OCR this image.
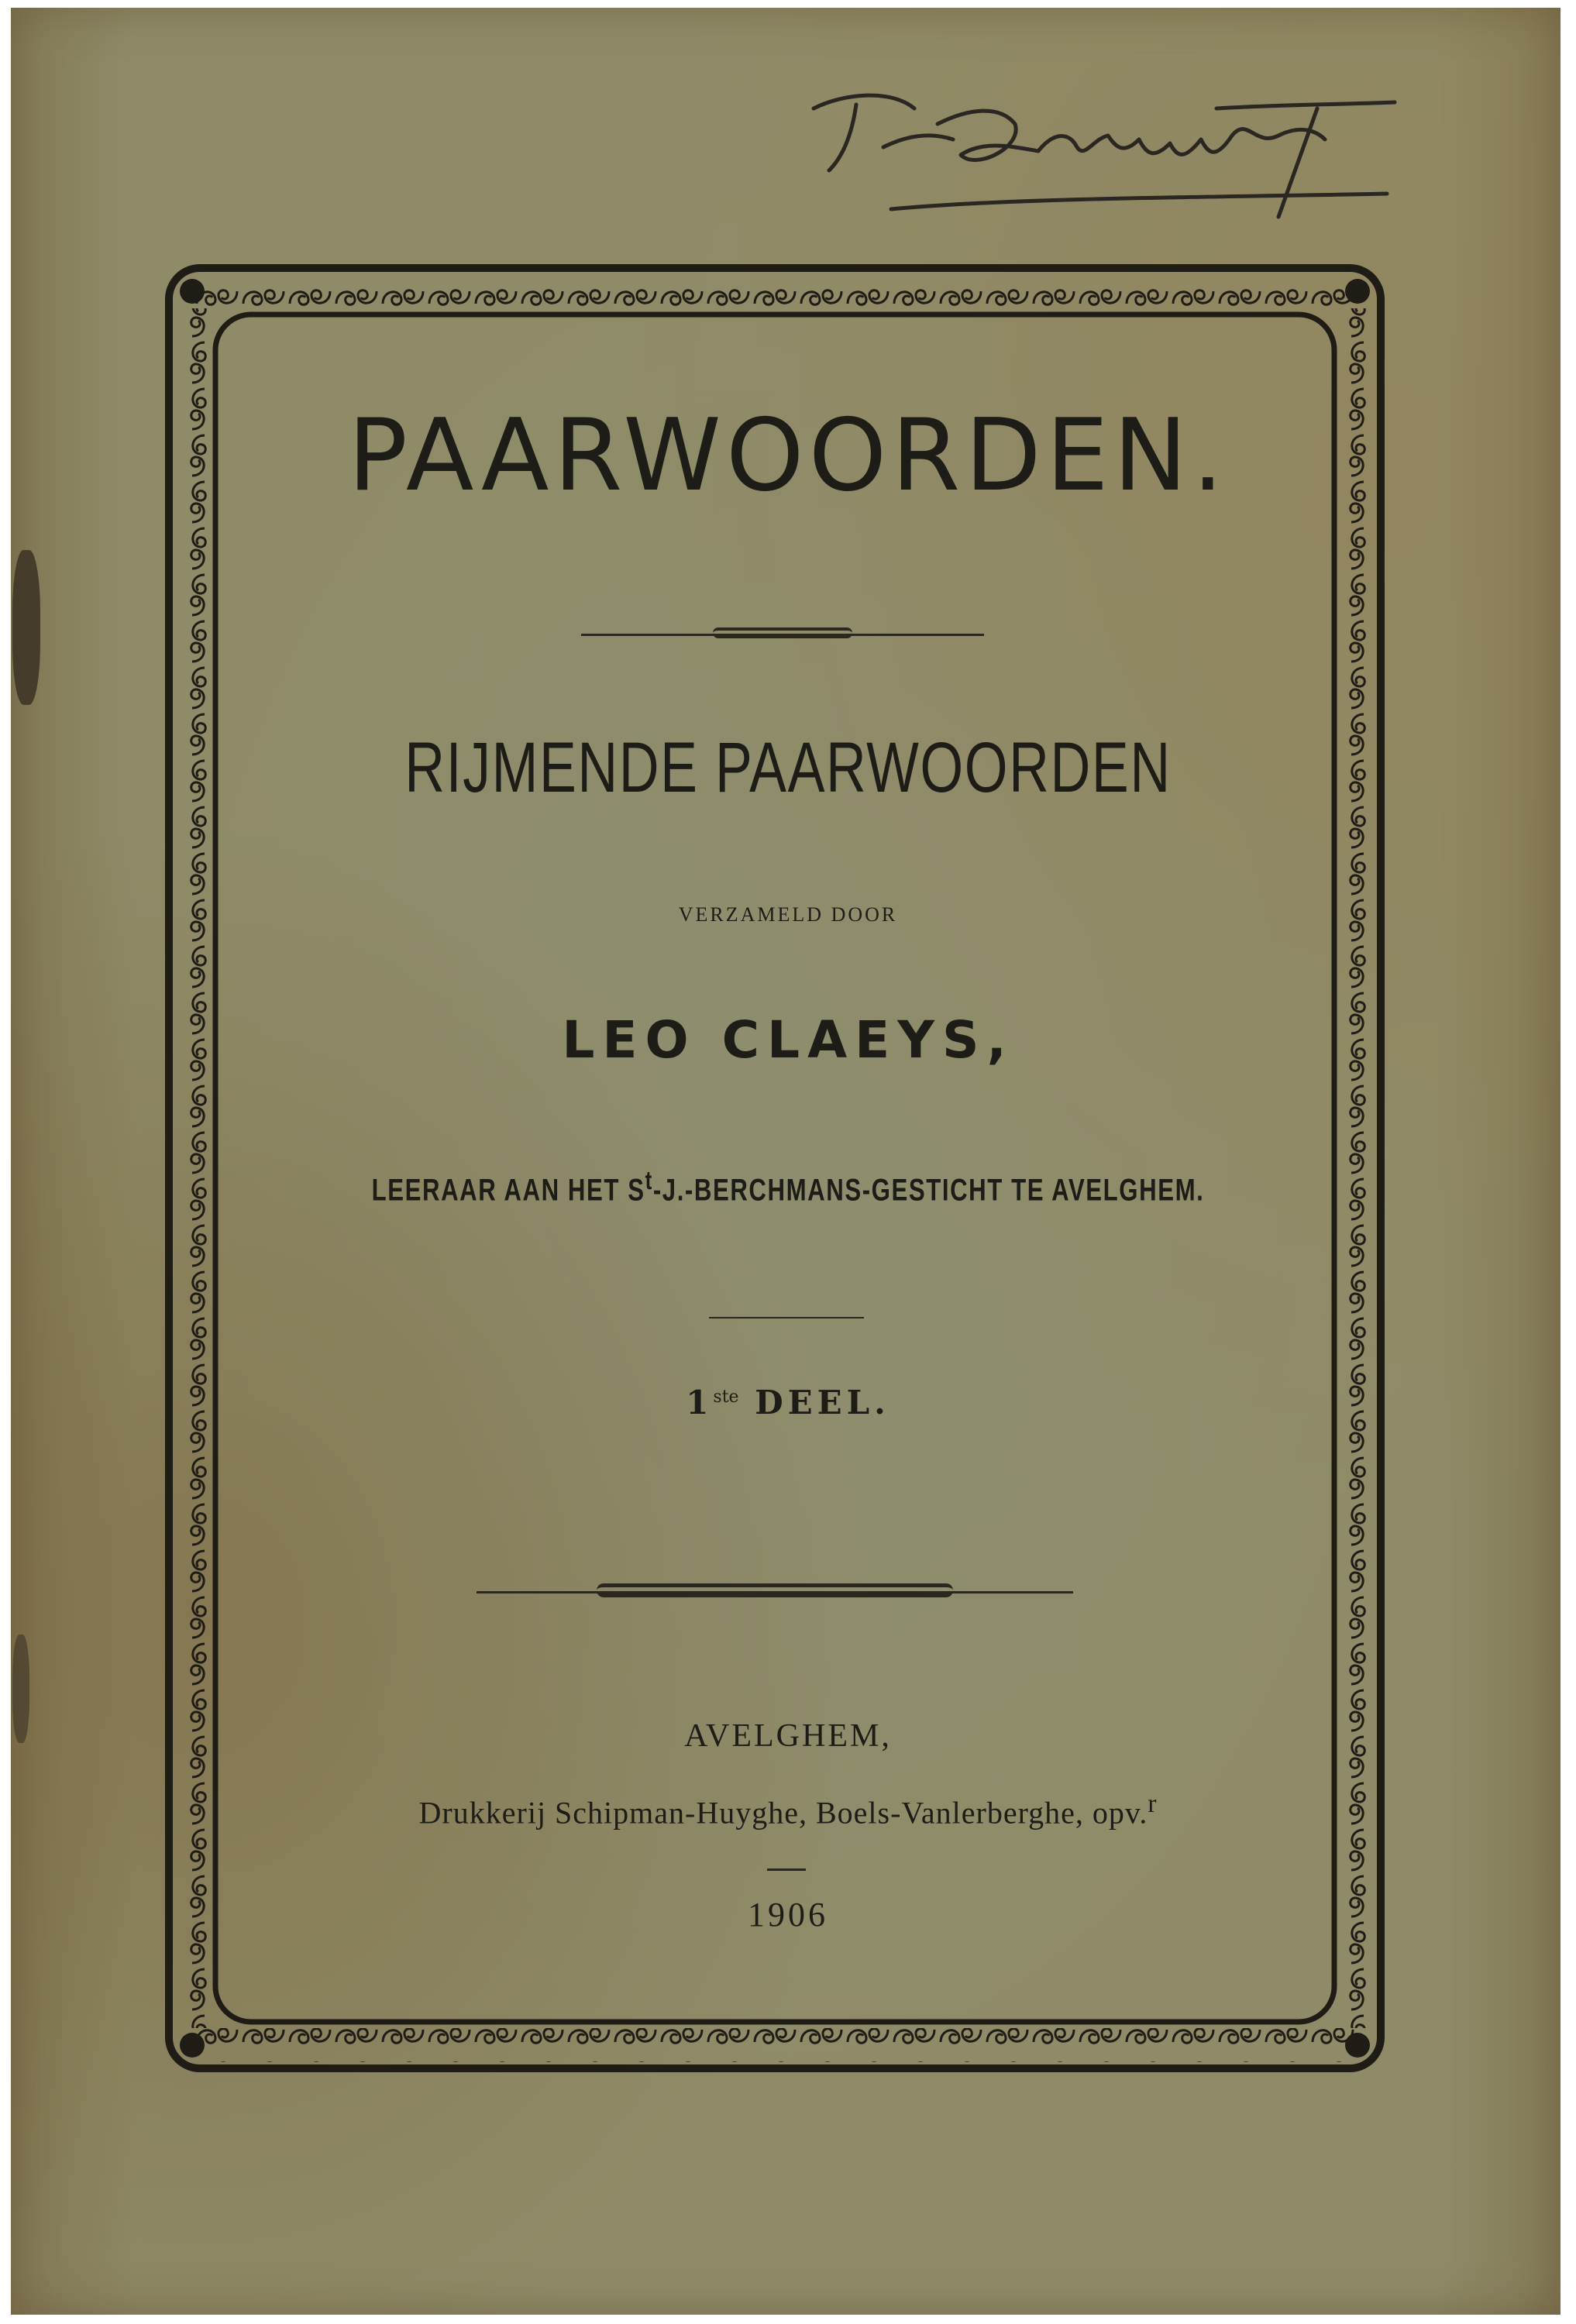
PAARWOORDEN.
RIJMENDE PAARWOORDEN
VERZAMELD DOOR
LEO CLAEYS,
LEERAAR AAN HET $S^t-J.-BERCHMANS$-GESTICHT TE AVELGHEM.
1ste DEEL.
AVELGHEM,
Drukkerij Schipman-Huyghe, Boels-Vanlerberghe, opv.$^r$
1906
